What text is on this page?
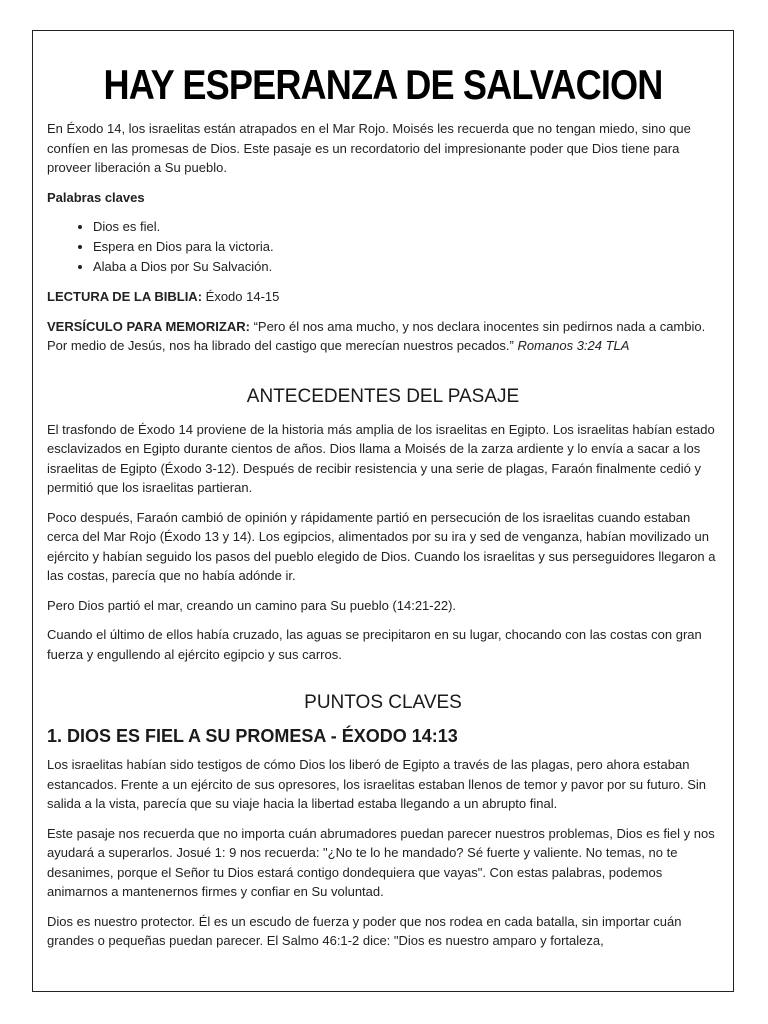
HAY ESPERANZA DE SALVACION

En Éxodo 14, los israelitas están atrapados en el Mar Rojo. Moisés les recuerda que no tengan miedo, sino que confíen en las promesas de Dios. Este pasaje es un recordatorio del impresionante poder que Dios tiene para proveer liberación a Su pueblo.

Palabras claves

• Dios es fiel.
• Espera en Dios para la victoria.
• Alaba a Dios por Su Salvación.

LECTURA DE LA BIBLIA: Éxodo 14-15

VERSÍCULO PARA MEMORIZAR: “Pero él nos ama mucho, y nos declara inocentes sin pedirnos nada a cambio. Por medio de Jesús, nos ha librado del castigo que merecían nuestros pecados.” Romanos 3:24 TLA

ANTECEDENTES DEL PASAJE

El trasfondo de Éxodo 14 proviene de la historia más amplia de los israelitas en Egipto. Los israelitas habían estado esclavizados en Egipto durante cientos de años. Dios llama a Moisés de la zarza ardiente y lo envía a sacar a los israelitas de Egipto (Éxodo 3-12). Después de recibir resistencia y una serie de plagas, Faraón finalmente cedió y permitió que los israelitas partieran.

Poco después, Faraón cambió de opinión y rápidamente partió en persecución de los israelitas cuando estaban cerca del Mar Rojo (Éxodo 13 y 14). Los egipcios, alimentados por su ira y sed de venganza, habían movilizado un ejército y habían seguido los pasos del pueblo elegido de Dios. Cuando los israelitas y sus perseguidores llegaron a las costas, parecía que no había adónde ir.

Pero Dios partió el mar, creando un camino para Su pueblo (14:21-22).

Cuando el último de ellos había cruzado, las aguas se precipitaron en su lugar, chocando con las costas con gran fuerza y engullendo al ejército egipcio y sus carros.

PUNTOS CLAVES
1. DIOS ES FIEL A SU PROMESA - ÉXODO 14:13

Los israelitas habían sido testigos de cómo Dios los liberó de Egipto a través de las plagas, pero ahora estaban estancados. Frente a un ejército de sus opresores, los israelitas estaban llenos de temor y pavor por su futuro. Sin salida a la vista, parecía que su viaje hacia la libertad estaba llegando a un abrupto final.

Este pasaje nos recuerda que no importa cuán abrumadores puedan parecer nuestros problemas, Dios es fiel y nos ayudará a superarlos. Josué 1: 9 nos recuerda: "¿No te lo he mandado? Sé fuerte y valiente. No temas, no te desanimes, porque el Señor tu Dios estará contigo dondequiera que vayas". Con estas palabras, podemos animarnos a mantenernos firmes y confiar en Su voluntad.

Dios es nuestro protector. Él es un escudo de fuerza y poder que nos rodea en cada batalla, sin importar cuán grandes o pequeñas puedan parecer. El Salmo 46:1-2 dice: "Dios es nuestro amparo y fortaleza,
